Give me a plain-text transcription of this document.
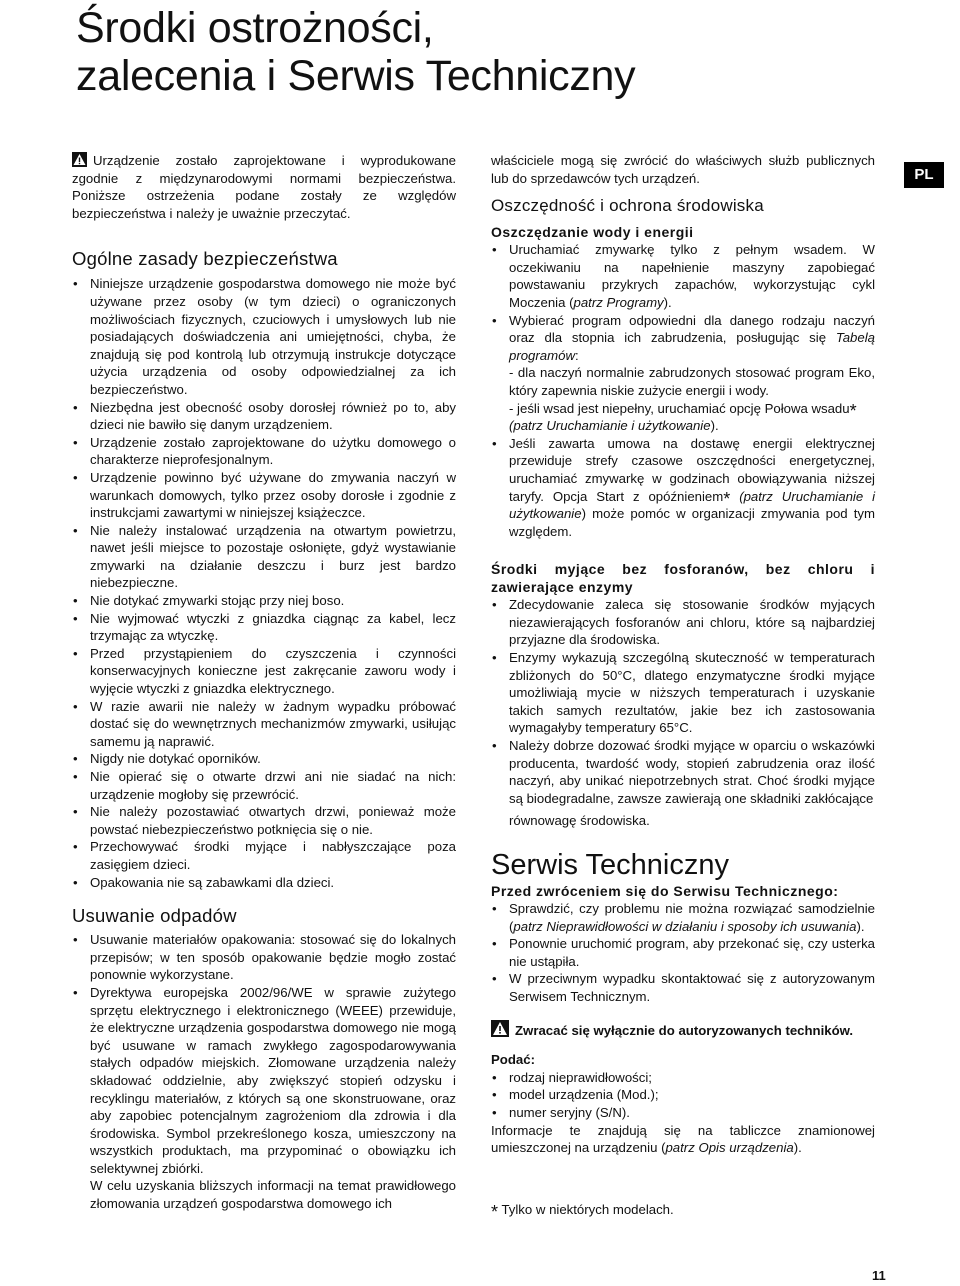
Środki ostrożności,
zalecenia i Serwis Techniczny
PL

Urządzenie zostało zaprojektowane i wyprodukowane zgodnie z międzynarodowymi normami bezpieczeństwa. Poniższe ostrzeżenia podane zostały ze względów bezpieczeństwa i należy je uważnie przeczytać.

Ogólne zasady bezpieczeństwa
• Niniejsze urządzenie gospodarstwa domowego nie może być używane przez osoby (w tym dzieci) o ograniczonych możliwościach fizycznych, czuciowych i umysłowych lub nie posiadających doświadczenia ani umiejętności, chyba, że znajdują się pod kontrolą lub otrzymują instrukcje dotyczące użycia urządzenia od osoby odpowiedzialnej za ich bezpieczeństwo.
• Niezbędna jest obecność osoby dorosłej również po to, aby dzieci nie bawiło się danym urządzeniem.
• Urządzenie zostało zaprojektowane do użytku domowego o charakterze nieprofesjonalnym.
• Urządzenie powinno być używane do zmywania naczyń w warunkach domowych, tylko przez osoby dorosłe i zgodnie z instrukcjami zawartymi w niniejszej książeczce.
• Nie należy instalować urządzenia na otwartym powietrzu, nawet jeśli miejsce to pozostaje osłonięte, gdyż wystawianie zmywarki na działanie deszczu i burz jest bardzo niebezpieczne.
• Nie dotykać zmywarki stojąc przy niej boso.
• Nie wyjmować wtyczki z gniazdka ciągnąc za kabel, lecz trzymając za wtyczkę.
• Przed przystąpieniem do czyszczenia i czynności konserwacyjnych konieczne jest zakręcanie zaworu wody i wyjęcie wtyczki z gniazdka elektrycznego.
• W razie awarii nie należy w żadnym wypadku próbować dostać się do wewnętrznych mechanizmów zmywarki, usiłując samemu ją naprawić.
• Nigdy nie dotykać oporników.
• Nie opierać się o otwarte drzwi ani nie siadać na nich: urządzenie mogłoby się przewrócić.
• Nie należy pozostawiać otwartych drzwi, ponieważ może powstać niebezpieczeństwo potknięcia się o nie.
• Przechowywać środki myjące i nabłyszczające poza zasięgiem dzieci.
• Opakowania nie są zabawkami dla dzieci.
Usuwanie odpadów
• Usuwanie materiałów opakowania: stosować się do lokalnych przepisów; w ten sposób opakowanie będzie mogło zostać ponownie wykorzystane.
• Dyrektywa europejska 2002/96/WE w sprawie zużytego sprzętu elektrycznego i elektronicznego (WEEE) przewiduje, że elektryczne urządzenia gospodarstwa domowego nie mogą być usuwane w ramach zwykłego zagospodarowywania stałych odpadów miejskich. Złomowane urządzenia należy składować oddzielnie, aby zwiększyć stopień odzysku i recyklingu materiałów, z których są one skonstruowane, oraz aby zapobiec potencjalnym zagrożeniom dla zdrowia i dla środowiska. Symbol przekreślonego kosza, umieszczony na wszystkich produktach, ma przypominać o obowiązku ich selektywnej zbiórki.

W celu uzyskania bliższych informacji na temat prawidłowego złomowania urządzeń gospodarstwa domowego ich

właściciele mogą się zwrócić do właściwych służb publicznych lub do sprzedawców tych urządzeń.

Oszczędność i ochrona środowiska
Oszczędzanie wody i energii
• Uruchamiać zmywarkę tylko z pełnym wsadem. W oczekiwaniu na napełnienie maszyny zapobiegać powstawaniu przykrych zapachów, wykorzystując cykl Moczenia (patrz Programy).
• Wybierać program odpowiedni dla danego rodzaju naczyń oraz dla stopnia ich zabrudzenia, posługując się Tabelą programów:
- dla naczyń normalnie zabrudzonych stosować program Eko, który zapewnia niskie zużycie energii i wody.
- jeśli wsad jest niepełny, uruchamiać opcję Połowa wsadu*
(patrz Uruchamianie i użytkowanie).
• Jeśli zawarta umowa na dostawę energii elektrycznej przewiduje strefy czasowe oszczędności energetycznej, uruchamiać zmywarkę w godzinach obowiązywania niższej taryfy. Opcja Start z opóźnieniem* (patrz Uruchamianie i użytkowanie) może pomóc w organizacji zmywania pod tym względem.
Środki myjące bez fosforanów, bez chloru i zawierające enzymy
• Zdecydowanie zaleca się stosowanie środków myjących niezawierających fosforanów ani chloru, które są najbardziej przyjazne dla środowiska.
• Enzymy wykazują szczególną skuteczność w temperaturach zbliżonych do 50°C, dlatego enzymatyczne środki myjące umożliwiają mycie w niższych temperaturach i uzyskanie takich samych rezultatów, jakie bez ich zastosowania wymagałyby temperatury 65°C.
• Należy dobrze dozować środki myjące w oparciu o wskazówki producenta, twardość wody, stopień zabrudzenia oraz ilość naczyń, aby unikać niepotrzebnych strat. Choć środki myjące są biodegradalne, zawsze zawierają one składniki zakłócające

równowagę środowiska.

Serwis Techniczny
Przed zwróceniem się do Serwisu Technicznego:
• Sprawdzić, czy problemu nie można rozwiązać samodzielnie (patrz Nieprawidłowości w działaniu i sposoby ich usuwania).
• Ponownie uruchomić program, aby przekonać się, czy usterka nie ustąpiła.
• W przeciwnym wypadku skontaktować się z autoryzowanym Serwisem Technicznym.

Zwracać się wyłącznie do autoryzowanych techników.

Podać:

• rodzaj nieprawidłowości;
• model urządzenia (Mod.);
• numer seryjny (S/N).

Informacje te znajdują się na tabliczce znamionowej umieszczonej na urządzeniu (patrz Opis urządzenia).

* Tylko w niektórych modelach.

11
